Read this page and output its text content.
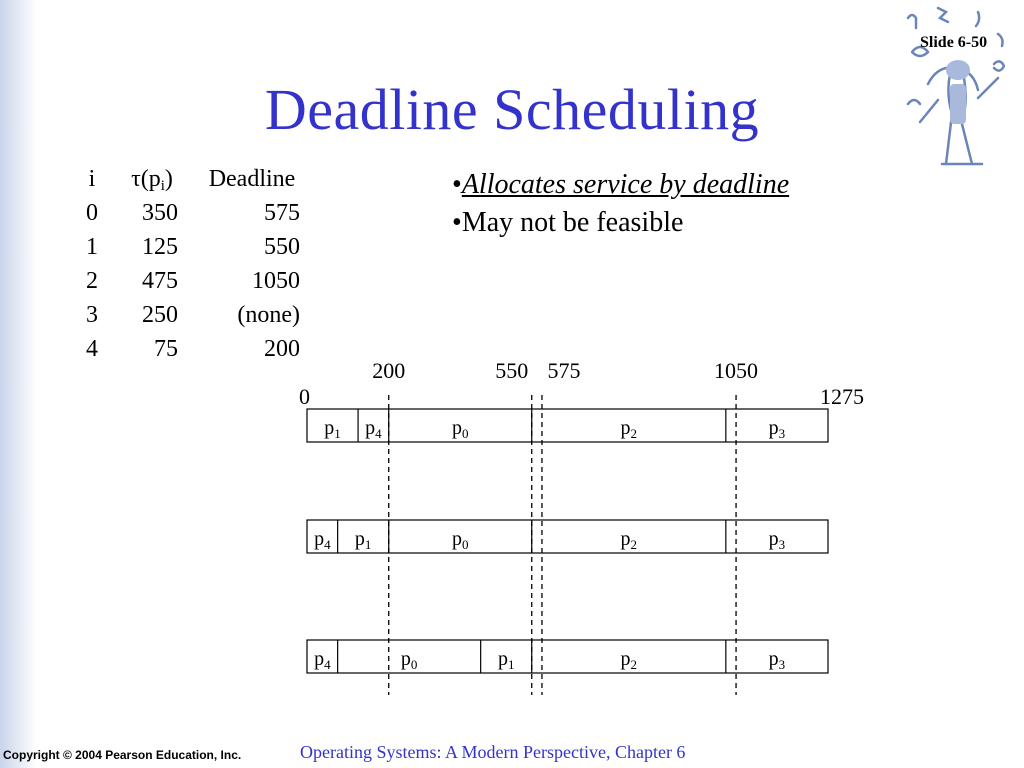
Slide 6-50
Deadline Scheduling
i	$\tau(p_i)$	Deadline
0	350	575
1	125	550
2	475	1050
3	250	(none)
4	75	200
•Allocates service by deadline
•May not be feasible
200	550 575	1050
0	1275
$p_1$ $p_4$	$p_0$	$p_2$	$p_3$
$p_4$ $p_1$	$p_0$	$p_2$	$p_3$
$p_4$	$p_0$	$p_1$	$p_2$	$p_3$
Copyright © 2004 Pearson Education, Inc.	Operating Systems: A Modern Perspective, Chapter 6
